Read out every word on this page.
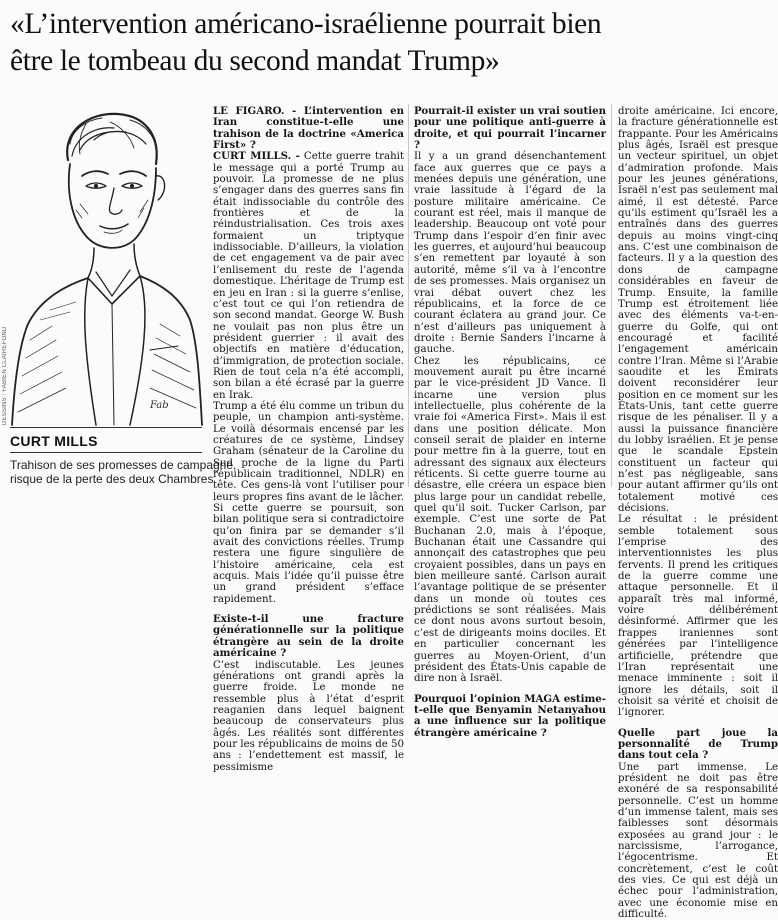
«L’intervention américano-israélienne pourrait bien
être le tombeau du second mandat Trump»
DESSINS : FABIEN CLAIREFOND	Fab
CURT MILLS
Trahison de ses promesses de campagne,
risque de la perte des deux Chambres

LE FIGARO. - L’intervention en Iran constitue-t-elle une trahison de la doctrine «America First» ?

CURT MILLS. - Cette guerre trahit le message qui a porté Trump au pouvoir. La promesse de ne plus s’engager dans des guerres sans fin était indissociable du contrôle des frontières et de la réindustrialisation. Ces trois axes formaient un triptyque indissociable. D’ailleurs, la violation de cet engagement va de pair avec l’enlisement du reste de l’agenda domestique. L’héritage de Trump est en jeu en Iran : si la guerre s’enlise, c’est tout ce qui l’on retiendra de son second mandat. George W. Bush ne voulait pas non plus être un président guerrier : il avait des objectifs en matière d’éducation, d’immigration, de protection sociale. Rien de tout cela n’a été accompli, son bilan a été écrasé par la guerre en Irak.

Trump a été élu comme un tribun du peuple, un champion anti-système. Le voilà désormais encensé par les créatures de ce système, Lindsey Graham (sénateur de la Caroline du Sud proche de la ligne du Parti républicain traditionnel, NDLR) en tête. Ces gens-là vont l’utiliser pour leurs propres fins avant de le lâcher. Si cette guerre se poursuit, son bilan politique sera si contradictoire qu’on finira par se demander s’il avait des convictions réelles. Trump restera une figure singulière de l’histoire américaine, cela est acquis. Mais l’idée qu’il puisse être un grand président s’efface rapidement.

Existe-t-il une fracture générationnelle sur la politique étrangère au sein de la droite américaine ?

C’est indiscutable. Les jeunes générations ont grandi après la guerre froide. Le monde ne ressemble plus à l’état d’esprit reaganien dans lequel baignent beaucoup de conservateurs plus âgés. Les réalités sont différentes pour les républicains de moins de 50 ans : l’endettement est massif, le pessimisme

Pourrait-il exister un vrai soutien pour une politique anti-guerre à droite, et qui pourrait l’incarner ?

Il y a un grand désenchantement face aux guerres que ce pays a menées depuis une génération, une vraie lassitude à l’égard de la posture militaire américaine. Ce courant est réel, mais il manque de leadership. Beaucoup ont voté pour Trump dans l’espoir d’en finir avec les guerres, et aujourd’hui beaucoup s’en remettent par loyauté à son autorité, même s’il va à l’encontre de ses promesses. Mais organisez un vrai débat ouvert chez les républicains, et la force de ce courant éclatera au grand jour. Ce n’est d’ailleurs pas uniquement à droite : Bernie Sanders l’incarne à gauche.

Chez les républicains, ce mouvement aurait pu être incarné par le vice-président JD Vance. Il incarne une version plus intellectuelle, plus cohérente de la vraie foi «America First». Mais il est dans une position délicate. Mon conseil serait de plaider en interne pour mettre fin à la guerre, tout en adressant des signaux aux électeurs réticents. Si cette guerre tourne au désastre, elle créera un espace bien plus large pour un candidat rebelle, quel qu’il soit. Tucker Carlson, par exemple. C’est une sorte de Pat Buchanan 2.0, mais à l’époque, Buchanan était une Cassandre qui annonçait des catastrophes que peu croyaient possibles, dans un pays en bien meilleure santé. Carlson aurait l’avantage politique de se présenter dans un monde où toutes ces prédictions se sont réalisées. Mais ce dont nous avons surtout besoin, c’est de dirigeants moins dociles. Et en particulier concernant les guerres au Moyen-Orient, d’un président des États-Unis capable de dire non à Israël.

Pourquoi l’opinion MAGA estime-t-elle que Benyamin Netanyahou a une influence sur la politique étrangère américaine ?

droite américaine. Ici encore, la fracture générationnelle est frappante. Pour les Américains plus âgés, Israël est presque un vecteur spirituel, un objet d’admiration profonde. Mais pour les jeunes générations, Israël n’est pas seulement mal aimé, il est détesté. Parce qu’ils estiment qu’Israël les a entraînés dans des guerres depuis au moins vingt-cinq ans. C’est une combinaison de facteurs. Il y a la question des dons de campagne considérables en faveur de Trump. Ensuite, la famille Trump est étroitement liée avec des éléments va-t-en-guerre du Golfe, qui ont encouragé et facilité l’engagement américain contre l’Iran. Même si l’Arabie saoudite et les Émirats doivent reconsidérer leur position en ce moment sur les États-Unis, tant cette guerre risque de les pénaliser. Il y a aussi la puissance financière du lobby israélien. Et je pense que le scandale Epstein constituent un facteur qui n’est pas négligeable, sans pour autant affirmer qu’ils ont totalement motivé ces décisions.

Le résultat : le président semble totalement sous l’emprise des interventionnistes les plus fervents. Il prend les critiques de la guerre comme une attaque personnelle. Et il apparaît très mal informé, voire délibérément désinformé. Affirmer que les frappes iraniennes sont générées par l’intelligence artificielle, prétendre que l’Iran représentait une menace imminente : soit il ignore les détails, soit il choisit sa vérité et choisit de l’ignorer.

Quelle part joue la personnalité de Trump dans tout cela ?

Une part immense. Le président ne doit pas être exonéré de sa responsabilité personnelle. C’est un homme d’un immense talent, mais ses faiblesses sont désormais exposées au grand jour : le narcissisme, l’arrogance, l’égocentrisme. Et concrètement, c’est le coût des vies. Ce qui est déjà un échec pour l’administration, avec une économie mise en difficulté.
